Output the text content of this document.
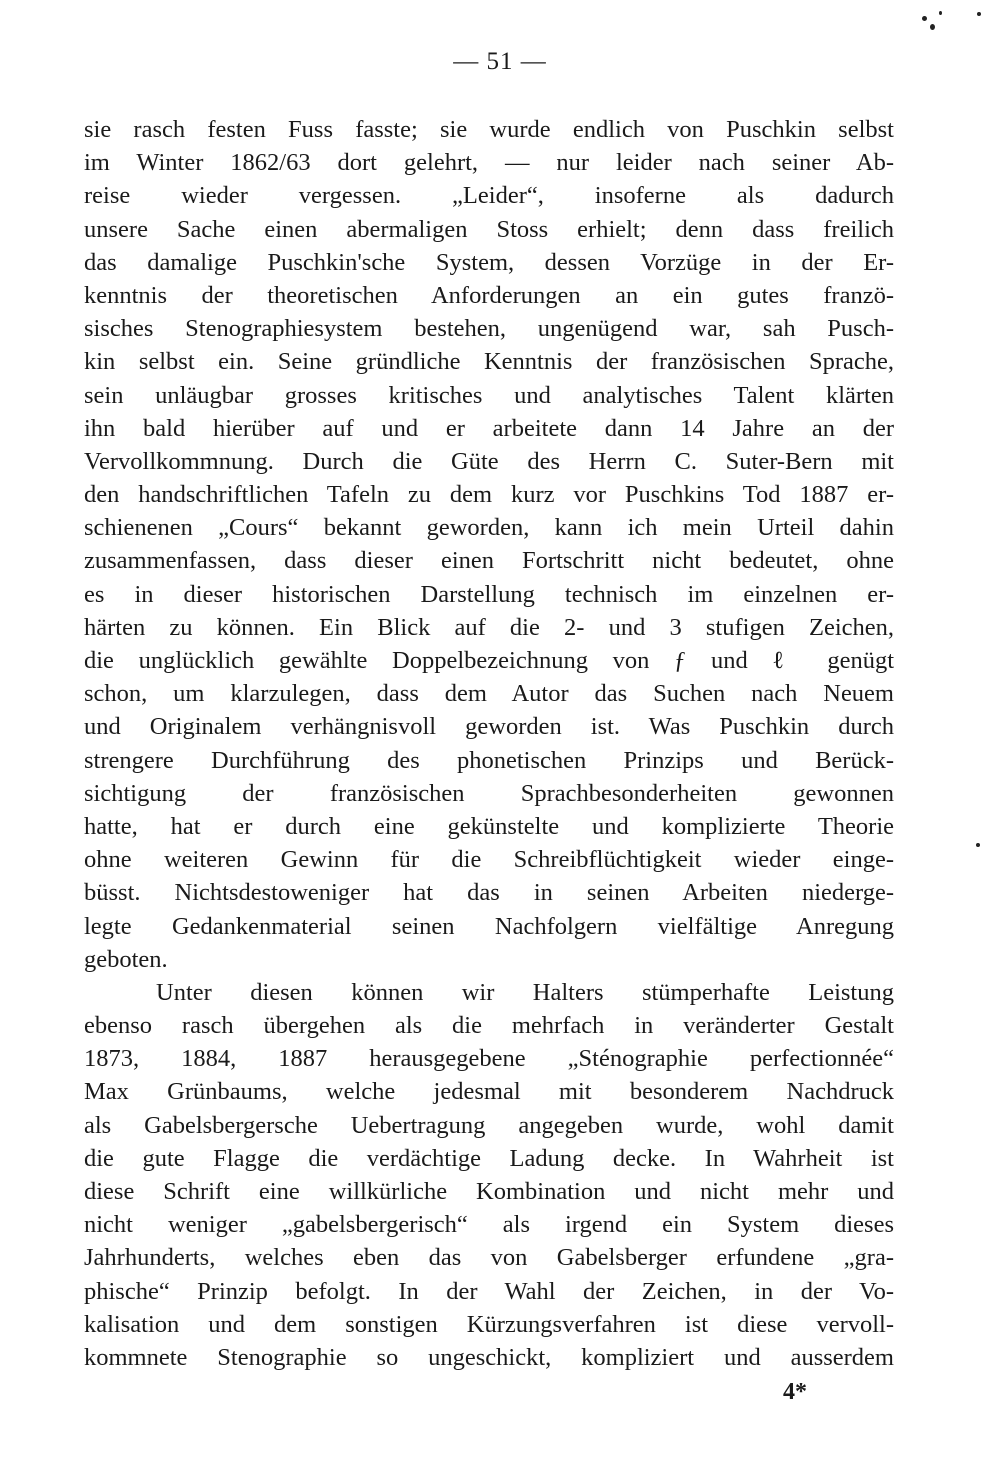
— 51 —
sie rasch festen Fuss fasste; sie wurde endlich von Puschkin selbst
im Winter 1862/63 dort gelehrt, — nur leider nach seiner Ab-
reise wieder vergessen. „Leider“, insoferne als dadurch
unsere Sache einen abermaligen Stoss erhielt; denn dass freilich
das damalige Puschkin'sche System, dessen Vorzüge in der Er-
kenntnis der theoretischen Anforderungen an ein gutes franzö-
sisches Stenographiesystem bestehen, ungenügend war, sah Pusch-
kin selbst ein. Seine gründliche Kenntnis der französischen Sprache,
sein unläugbar grosses kritisches und analytisches Talent klärten
ihn bald hierüber auf und er arbeitete dann 14 Jahre an der
Vervollkommnung. Durch die Güte des Herrn C. Suter-Bern mit
den handschriftlichen Tafeln zu dem kurz vor Puschkins Tod 1887 er-
schienenen „Cours“ bekannt geworden, kann ich mein Urteil dahin
zusammenfassen, dass dieser einen Fortschritt nicht bedeutet, ohne
es in dieser historischen Darstellung technisch im einzelnen er-
härten zu können. Ein Blick auf die 2- und 3 stufigen Zeichen,
die unglücklich gewählte Doppelbezeichnung von ƒ und ℓ genügt
schon, um klarzulegen, dass dem Autor das Suchen nach Neuem
und Originalem verhängnisvoll geworden ist. Was Puschkin durch
strengere Durchführung des phonetischen Prinzips und Berück-
sichtigung der französischen Sprachbesonderheiten gewonnen
hatte, hat er durch eine gekünstelte und komplizierte Theorie
ohne weiteren Gewinn für die Schreibflüchtigkeit wieder einge-
büsst. Nichtsdestoweniger hat das in seinen Arbeiten niederge-
legte Gedankenmaterial seinen Nachfolgern vielfältige Anregung
geboten.
Unter diesen können wir Halters stümperhafte Leistung
ebenso rasch übergehen als die mehrfach in veränderter Gestalt
1873, 1884, 1887 herausgegebene „Sténographie perfectionnée“
Max Grünbaums, welche jedesmal mit besonderem Nachdruck
als Gabelsbergersche Uebertragung angegeben wurde, wohl damit
die gute Flagge die verdächtige Ladung decke. In Wahrheit ist
diese Schrift eine willkürliche Kombination und nicht mehr und
nicht weniger „gabelsbergerisch“ als irgend ein System dieses
Jahrhunderts, welches eben das von Gabelsberger erfundene „gra-
phische“ Prinzip befolgt. In der Wahl der Zeichen, in der Vo-
kalisation und dem sonstigen Kürzungsverfahren ist diese vervoll-
kommnete Stenographie so ungeschickt, kompliziert und ausserdem
4*
